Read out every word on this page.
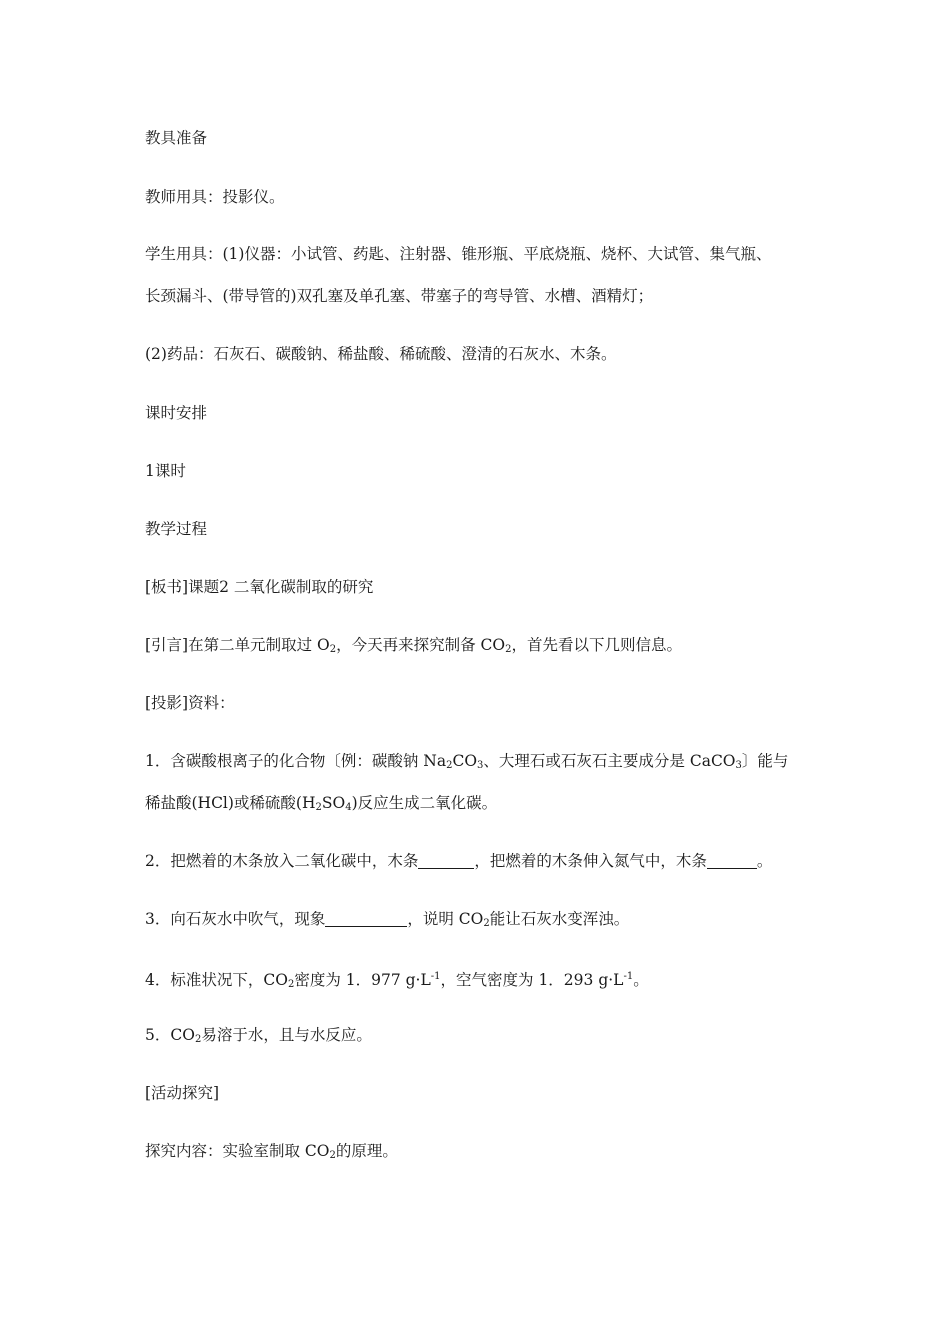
教具准备
教师用具：投影仪。
学生用具：(1)仪器：小试管、药匙、注射器、锥形瓶、平底烧瓶、烧杯、大试管、集气瓶、
长颈漏斗、(带导管的)双孔塞及单孔塞、带塞子的弯导管、水槽、酒精灯；
(2)药品：石灰石、碳酸钠、稀盐酸、稀硫酸、澄清的石灰水、木条。
课时安排
1课时
教学过程
[板书]课题2 二氧化碳制取的研究
[引言]在第二单元制取过 $O_2$，今天再来探究制备 $CO_2$，首先看以下几则信息。
[投影]资料：
1．含碳酸根离子的化合物〔例：碳酸钠 $Na_2CO_3$、大理石或石灰石主要成分是 CaCO$_3$〕能与
稀盐酸(HCl)或稀硫酸$(H_2SO_4)$反应生成二氧化碳。
2．把燃着的木条放入二氧化碳中，木条	，把燃着的木条伸入氮气中，木条	。
3．向石灰水中吹气，现象	，说明 $CO_2$能让石灰水变浑浊。
4．标准状况下，$CO_2$密度为 1．977 $g\cdot L^{-1}$，空气密度为 1．293 $g\cdot L^{-1}$。
5．$CO_2$易溶于水，且与水反应。
[活动探究]
探究内容：实验室制取 $CO_2$的原理。
